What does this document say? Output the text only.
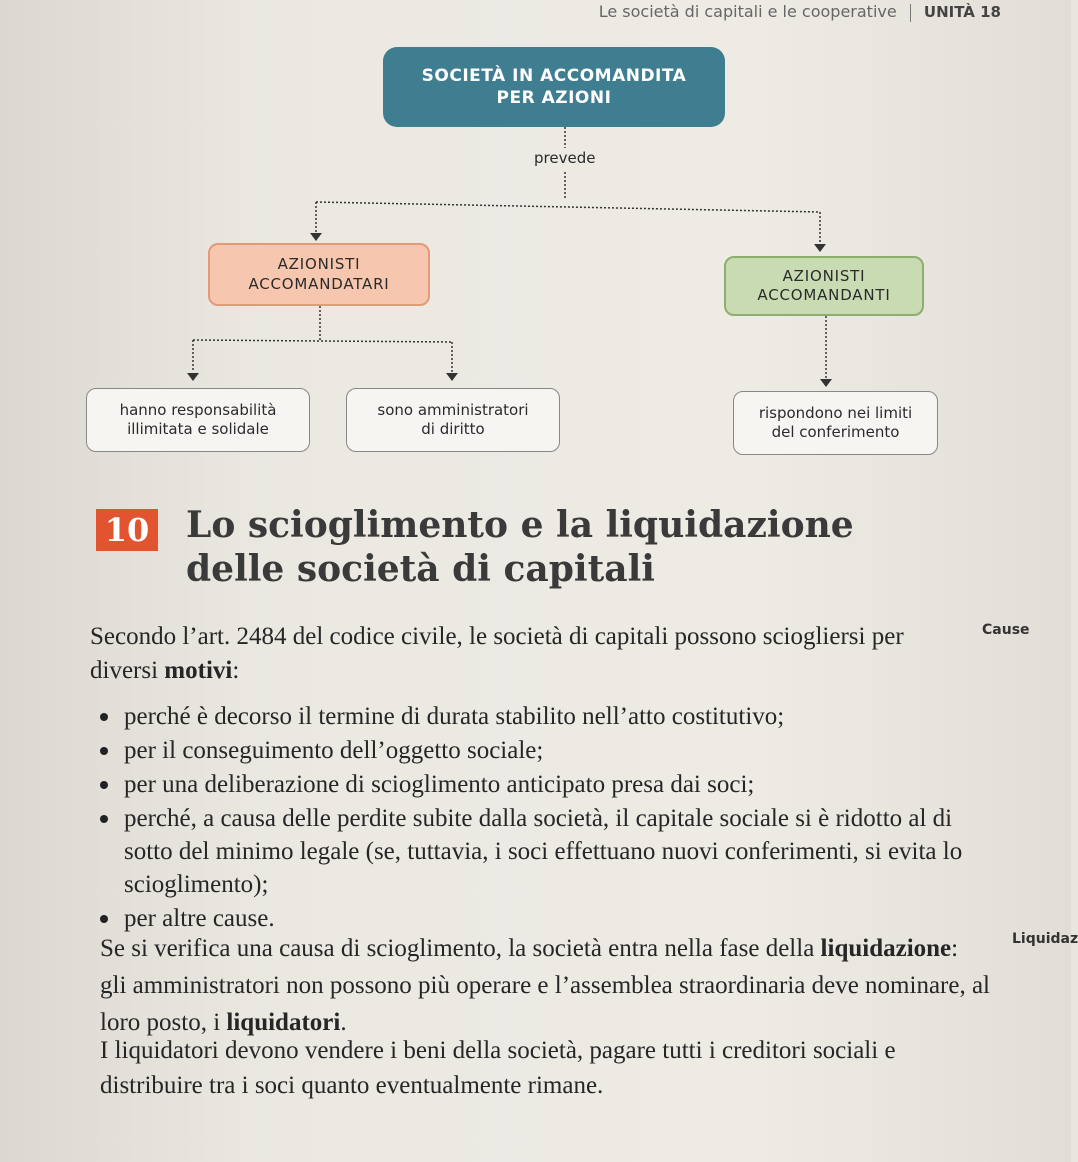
Le società di capitali e le cooperative UNITÀ 18
SOCIETÀ IN ACCOMANDITA
PER AZIONI
prevede
AZIONISTI
ACCOMANDATARI	AZIONISTI
ACCOMANDANTI
hanno responsabilità
illimitata e solidale
sono amministratori
di diritto
rispondono nei limiti
del conferimento
10 Lo scioglimento e la liquidazione
delle società di capitali
Secondo l’art. 2484 del codice civile, le società di capitali possono sciogliersi per diversi motivi:
Cause
perché è decorso il termine di durata stabilito nell’atto costitutivo;
per il conseguimento dell’oggetto sociale;
per una deliberazione di scioglimento anticipato presa dai soci;
perché, a causa delle perdite subite dalla società, il capitale sociale si è ridotto al di sotto del minimo legale (se, tuttavia, i soci effettuano nuovi conferimenti, si evita lo scioglimento);
per altre cause.
Se si verifica una causa di scioglimento, la società entra nella fase della liquidazione: gli amministratori non possono più operare e l’assemblea straordinaria deve nominare, al loro posto, i liquidatori.
Liquidaz
I liquidatori devono vendere i beni della società, pagare tutti i creditori sociali e distribuire tra i soci quanto eventualmente rimane.
